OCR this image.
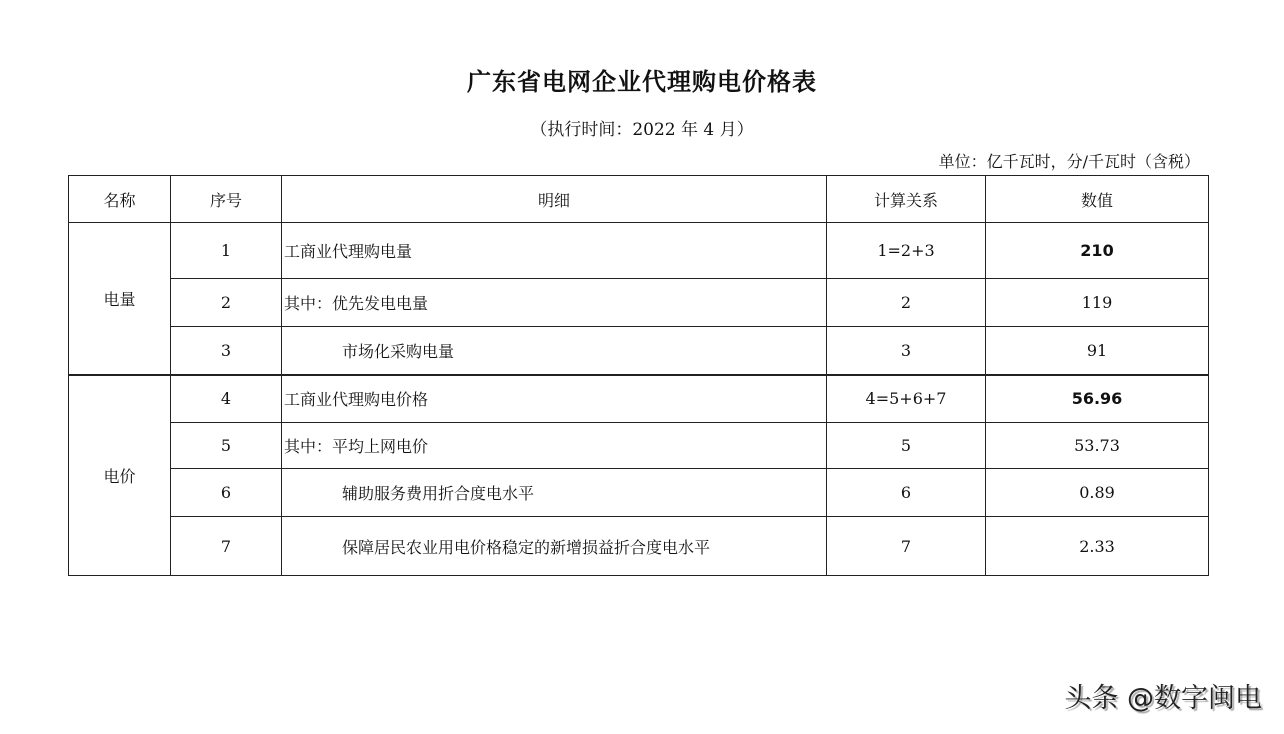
广东省电网企业代理购电价格表
（执行时间：2022 年 4 月）
单位：亿千瓦时，分/千瓦时（含税）
名称	序号	明细	计算关系	数值
电量	1	工商业代理购电量	1=2+3	210
	2	其中：优先发电电量	2	119
	3	市场化采购电量	3	91
电价	4	工商业代理购电价格	4=5+6+7	56.96
	5	其中：平均上网电价	5	53.73
	6	辅助服务费用折合度电水平	6	0.89
	7	保障居民农业用电价格稳定的新增损益折合度电水平	7	2.33
头条 @数字闽电
